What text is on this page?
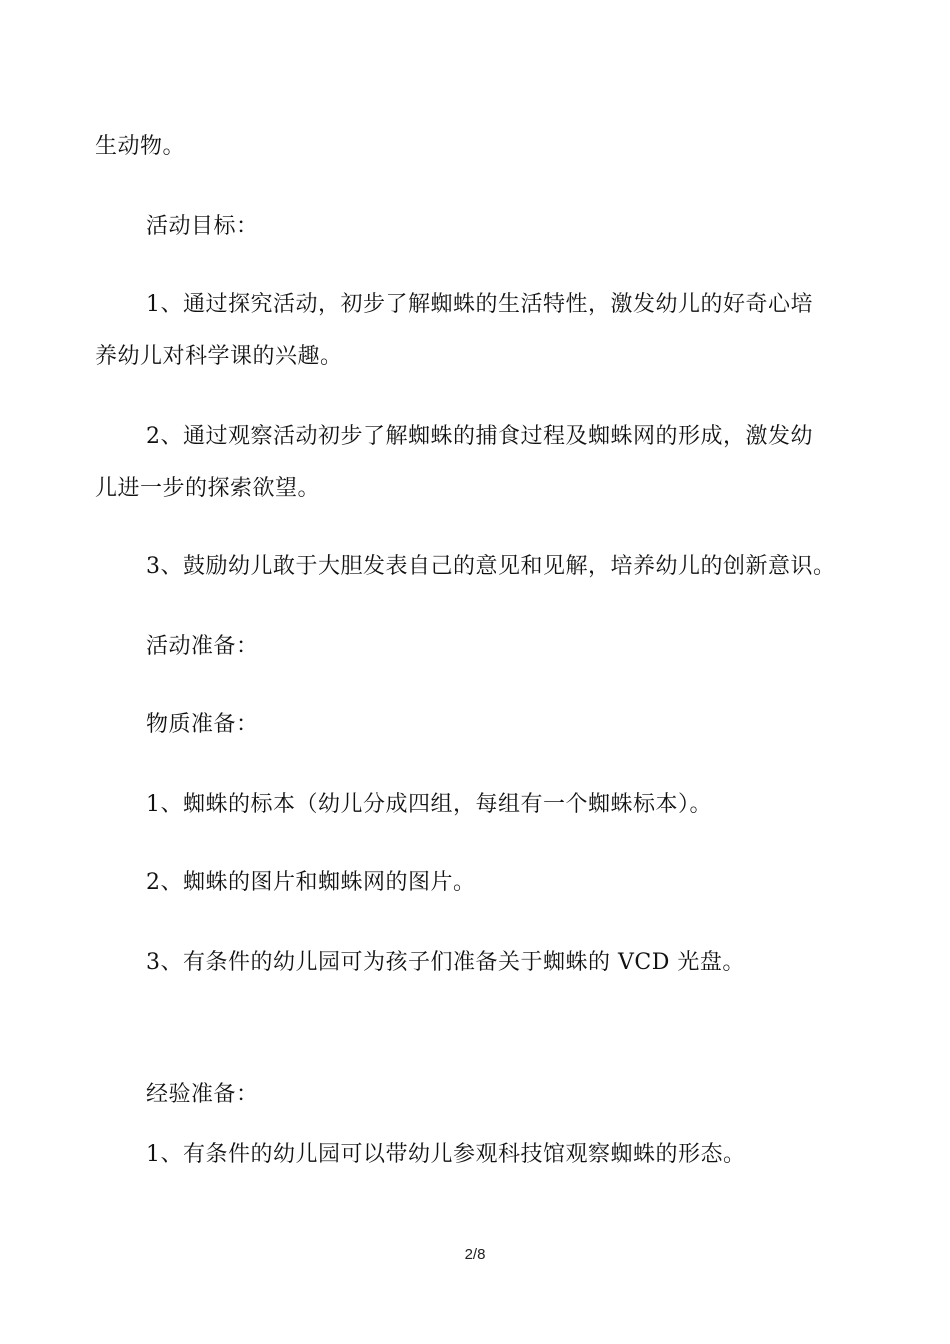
生动物。
活动目标：
1、通过探究活动，初步了解蜘蛛的生活特性，激发幼儿的好奇心培
养幼儿对科学课的兴趣。
2、通过观察活动初步了解蜘蛛的捕食过程及蜘蛛网的形成，激发幼
儿进一步的探索欲望。
3、鼓励幼儿敢于大胆发表自己的意见和见解，培养幼儿的创新意识。
活动准备：
物质准备：
1、蜘蛛的标本（幼儿分成四组，每组有一个蜘蛛标本）。
2、蜘蛛的图片和蜘蛛网的图片。
3、有条件的幼儿园可为孩子们准备关于蜘蛛的 VCD 光盘。
经验准备：
1、有条件的幼儿园可以带幼儿参观科技馆观察蜘蛛的形态。
2/8
